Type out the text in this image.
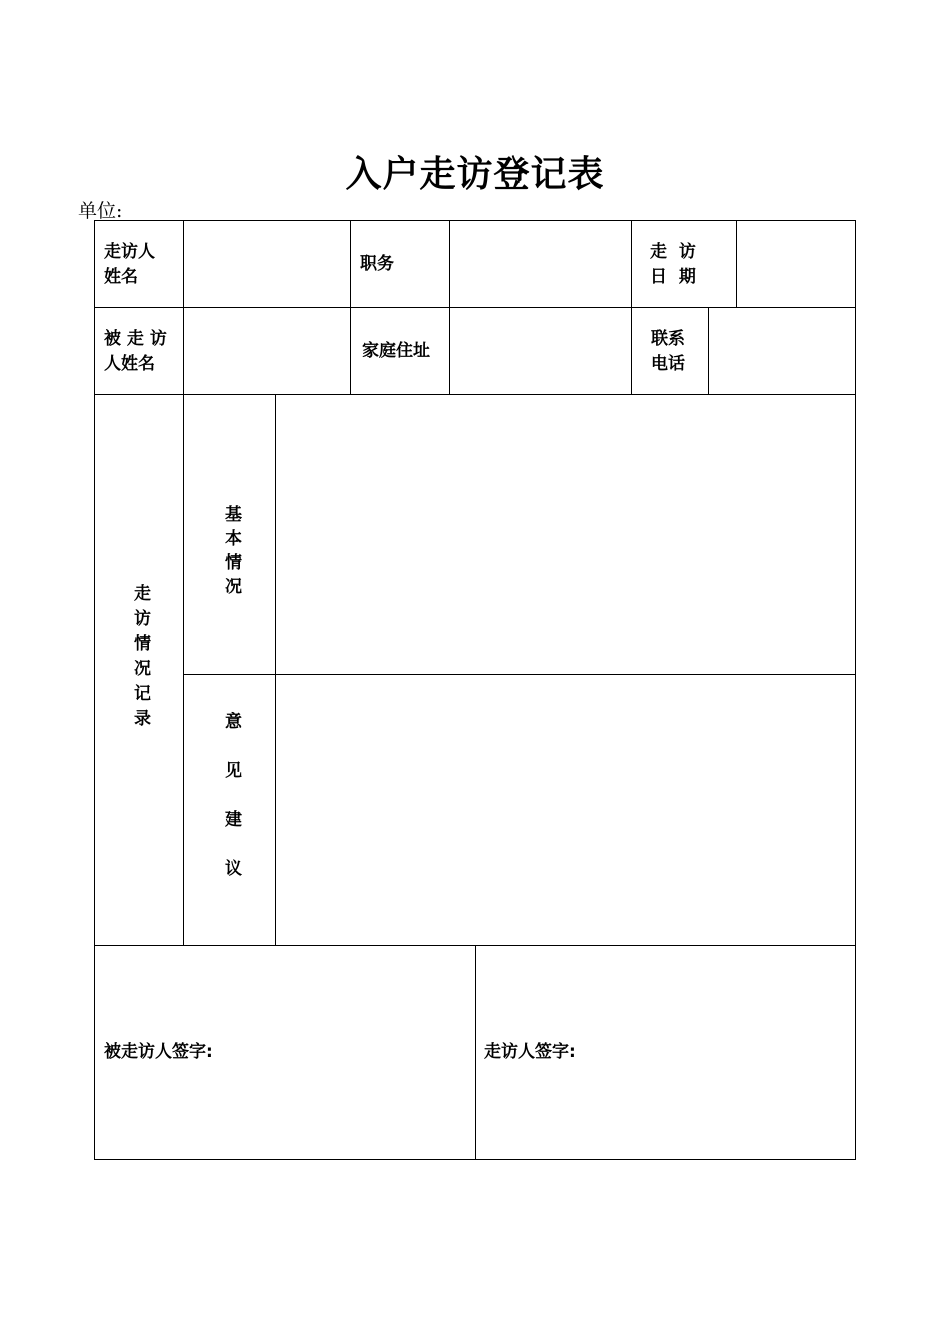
入户走访登记表
单位:
走访人
姓名
职务
走  访
日  期
被 走 访
人姓名
家庭住址
联系
电话
走访情况记录
基本情况
意见建议
被走访人签字:	走访人签字:
